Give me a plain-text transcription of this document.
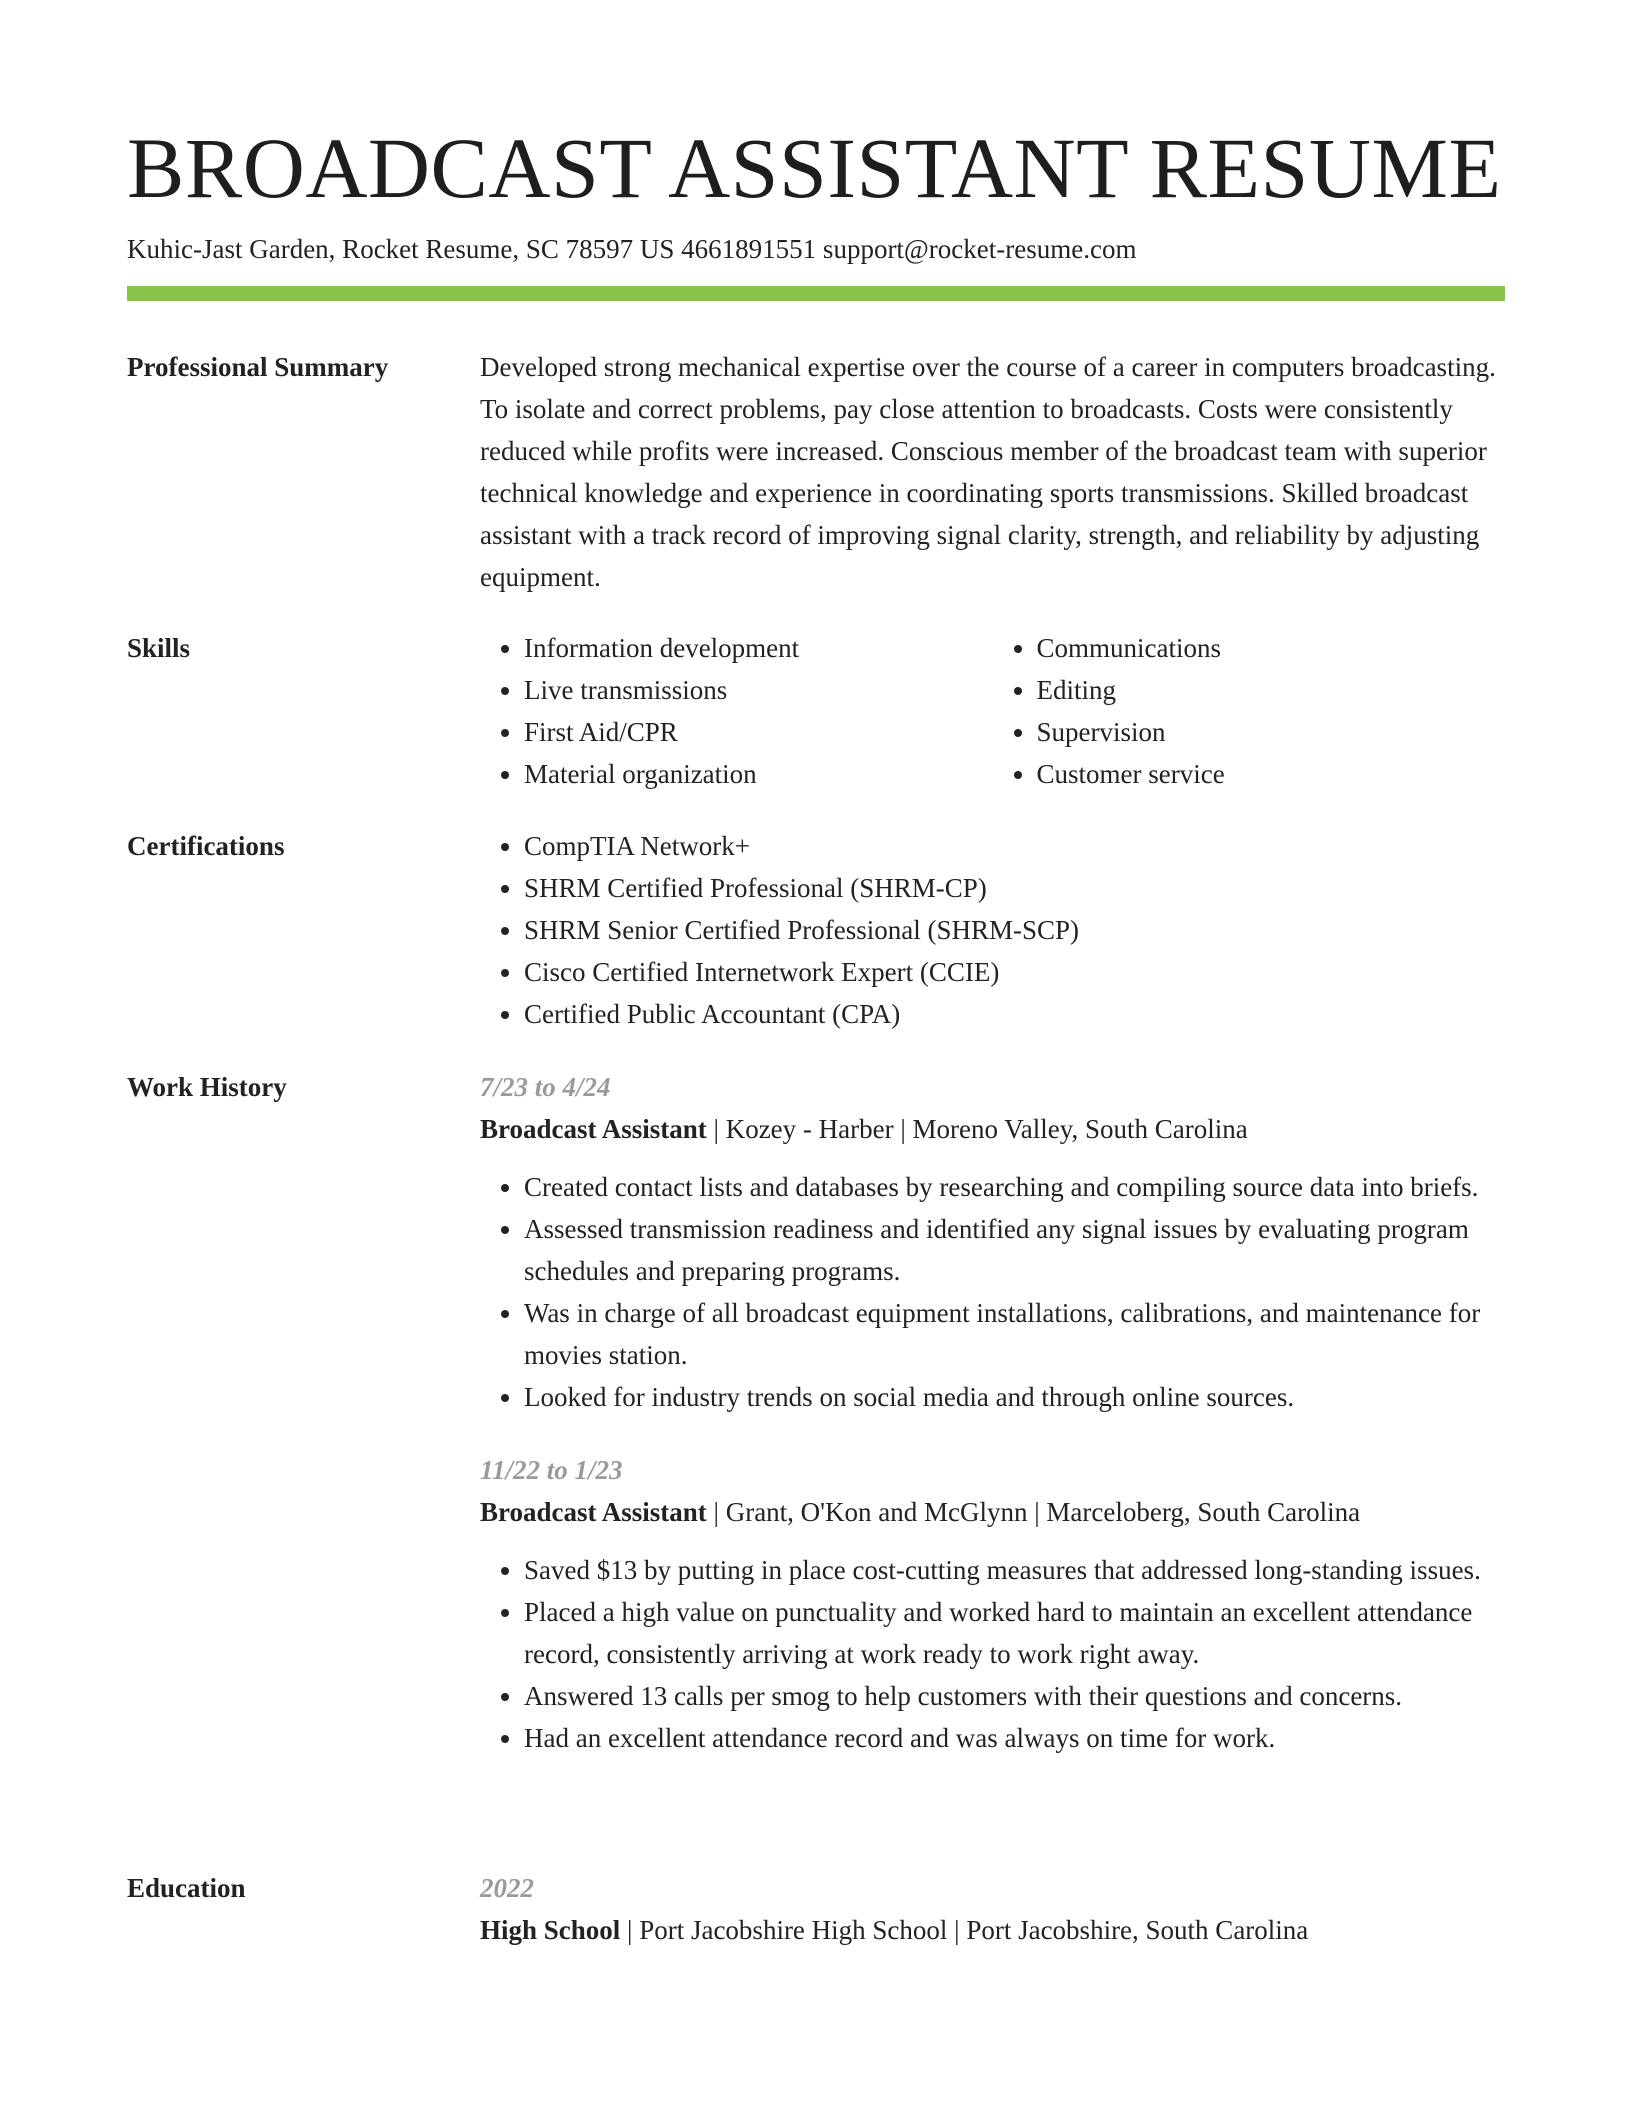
BROADCAST ASSISTANT RESUME
Kuhic-Jast Garden, Rocket Resume, SC 78597 US 4661891551 support@rocket-resume.com
Professional Summary	Developed strong mechanical expertise over the course of a career in computers broadcasting. To isolate and correct problems, pay close attention to broadcasts. Costs were consistently reduced while profits were increased. Conscious member of the broadcast team with superior technical knowledge and experience in coordinating sports transmissions. Skilled broadcast assistant with a track record of improving signal clarity, strength, and reliability by adjusting equipment.

Skills	• Information development
• Live transmissions
• First Aid/CPR
• Material organization
• Communications
• Editing
• Supervision
• Customer service
Certifications	• CompTIA Network+
• SHRM Certified Professional (SHRM-CP)
• SHRM Senior Certified Professional (SHRM-SCP)
• Cisco Certified Internetwork Expert (CCIE)
• Certified Public Accountant (CPA)
Work History	7/23 to 4/24
Broadcast Assistant | Kozey - Harber | Moreno Valley, South Carolina
• Created contact lists and databases by researching and compiling source data into briefs.
• Assessed transmission readiness and identified any signal issues by evaluating program schedules and preparing programs.
• Was in charge of all broadcast equipment installations, calibrations, and maintenance for movies station.
• Looked for industry trends on social media and through online sources.
11/22 to 1/23
Broadcast Assistant | Grant, O'Kon and McGlynn | Marceloberg, South Carolina
• Saved $13 by putting in place cost-cutting measures that addressed long-standing issues.
• Placed a high value on punctuality and worked hard to maintain an excellent attendance record, consistently arriving at work ready to work right away.
• Answered 13 calls per smog to help customers with their questions and concerns.
• Had an excellent attendance record and was always on time for work.
Education	2022
High School | Port Jacobshire High School | Port Jacobshire, South Carolina
